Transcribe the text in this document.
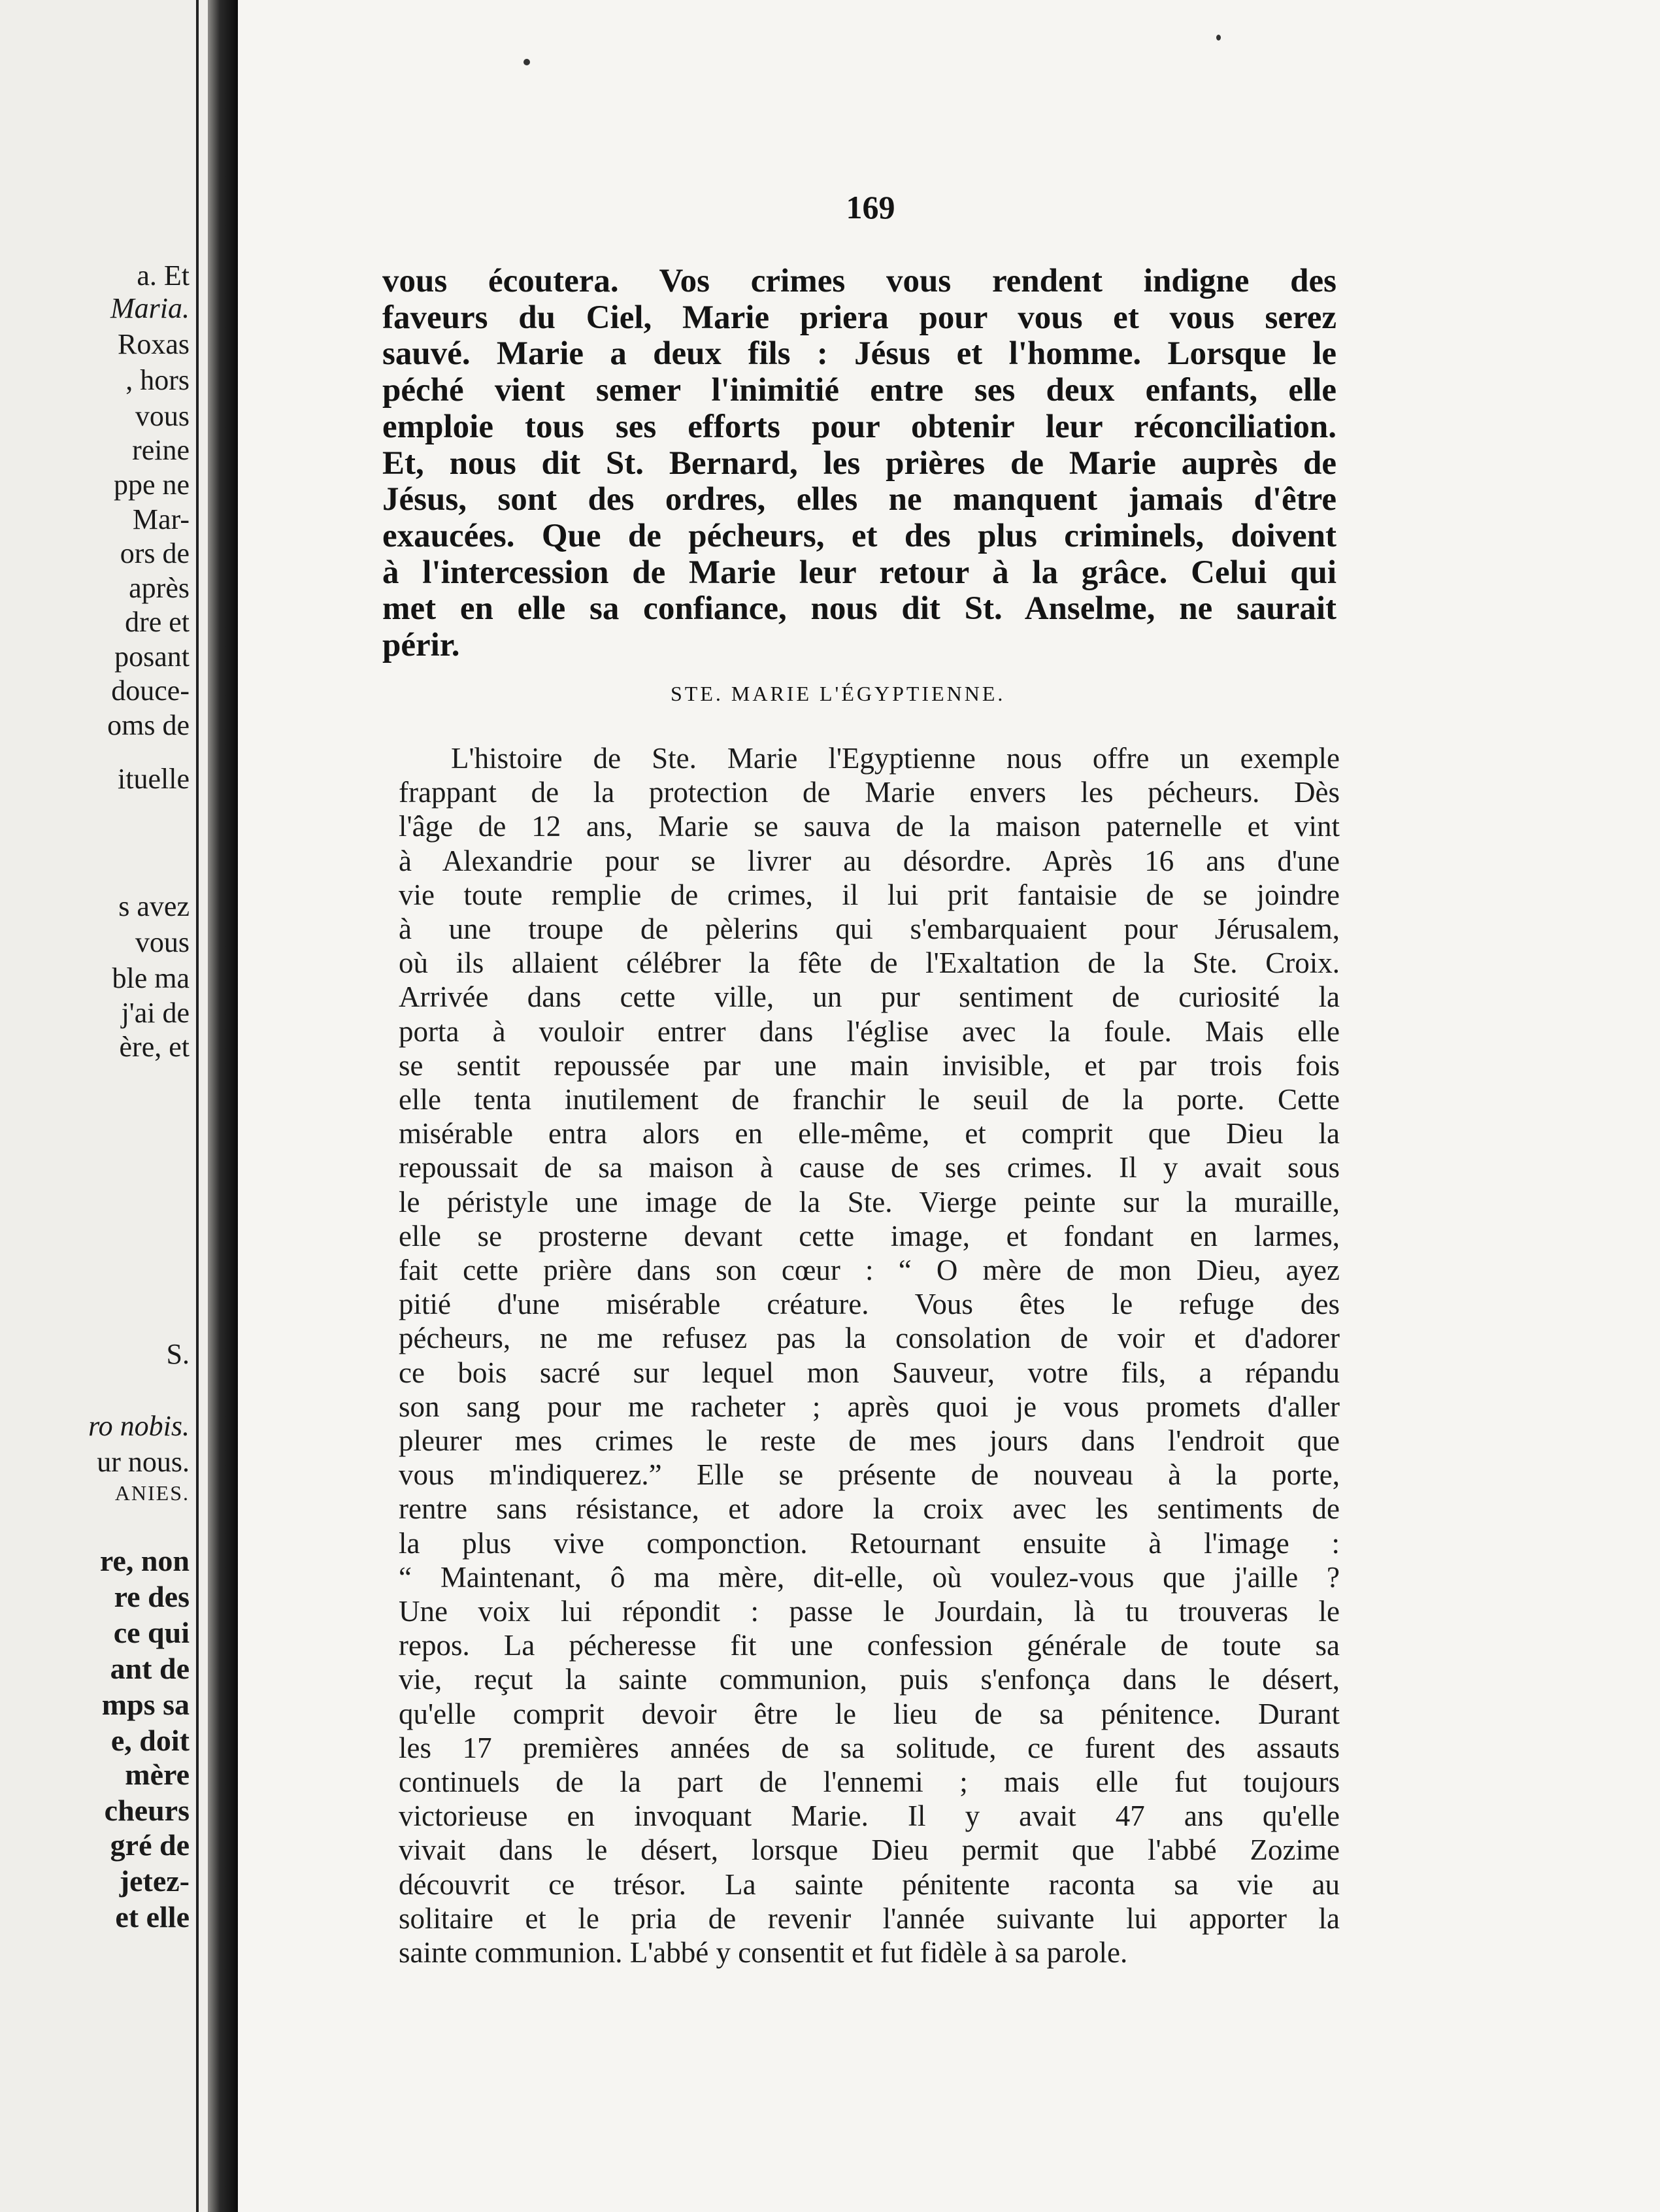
a. Et
Maria.
Roxas
, hors
vous
reine
ppe ne
Mar-
ors de
après
dre et
posant
douce-
oms de
ituelle
s avez
vous
ble ma
j'ai de
ère, et
S.
ro nobis.
ur nous.
ANIES.
re, non
re des
ce qui
ant de
mps sa
e, doit
mère
cheurs
gré de
jetez-
et elle
169
STE. MARIE L'ÉGYPTIENNE.
vous écoutera. Vos crimes vous rendent indigne des
faveurs du Ciel, Marie priera pour vous et vous serez
sauvé. Marie a deux fils : Jésus et l'homme. Lorsque le
péché vient semer l'inimitié entre ses deux enfants, elle
emploie tous ses efforts pour obtenir leur réconciliation.
Et, nous dit St. Bernard, les prières de Marie auprès de
Jésus, sont des ordres, elles ne manquent jamais d'être
exaucées. Que de pécheurs, et des plus criminels, doivent
à l'intercession de Marie leur retour à la grâce. Celui qui
met en elle sa confiance, nous dit St. Anselme, ne saurait
périr.
L'histoire de Ste. Marie l'Egyptienne nous offre un exemple
frappant de la protection de Marie envers les pécheurs. Dès
l'âge de 12 ans, Marie se sauva de la maison paternelle et vint
à Alexandrie pour se livrer au désordre. Après 16 ans d'une
vie toute remplie de crimes, il lui prit fantaisie de se joindre
à une troupe de pèlerins qui s'embarquaient pour Jérusalem,
où ils allaient célébrer la fête de l'Exaltation de la Ste. Croix.
Arrivée dans cette ville, un pur sentiment de curiosité la
porta à vouloir entrer dans l'église avec la foule. Mais elle
se sentit repoussée par une main invisible, et par trois fois
elle tenta inutilement de franchir le seuil de la porte. Cette
misérable entra alors en elle-même, et comprit que Dieu la
repoussait de sa maison à cause de ses crimes. Il y avait sous
le péristyle une image de la Ste. Vierge peinte sur la muraille,
elle se prosterne devant cette image, et fondant en larmes,
fait cette prière dans son cœur : “ O mère de mon Dieu, ayez
pitié d'une misérable créature. Vous êtes le refuge des
pécheurs, ne me refusez pas la consolation de voir et d'adorer
ce bois sacré sur lequel mon Sauveur, votre fils, a répandu
son sang pour me racheter ; après quoi je vous promets d'aller
pleurer mes crimes le reste de mes jours dans l'endroit que
vous m'indiquerez.” Elle se présente de nouveau à la porte,
rentre sans résistance, et adore la croix avec les sentiments de
la plus vive componction. Retournant ensuite à l'image :
“ Maintenant, ô ma mère, dit-elle, où voulez-vous que j'aille ?
Une voix lui répondit : passe le Jourdain, là tu trouveras le
repos. La pécheresse fit une confession générale de toute sa
vie, reçut la sainte communion, puis s'enfonça dans le désert,
qu'elle comprit devoir être le lieu de sa pénitence. Durant
les 17 premières années de sa solitude, ce furent des assauts
continuels de la part de l'ennemi ; mais elle fut toujours
victorieuse en invoquant Marie. Il y avait 47 ans qu'elle
vivait dans le désert, lorsque Dieu permit que l'abbé Zozime
découvrit ce trésor. La sainte pénitente raconta sa vie au
solitaire et le pria de revenir l'année suivante lui apporter la
sainte communion. L'abbé y consentit et fut fidèle à sa parole.
